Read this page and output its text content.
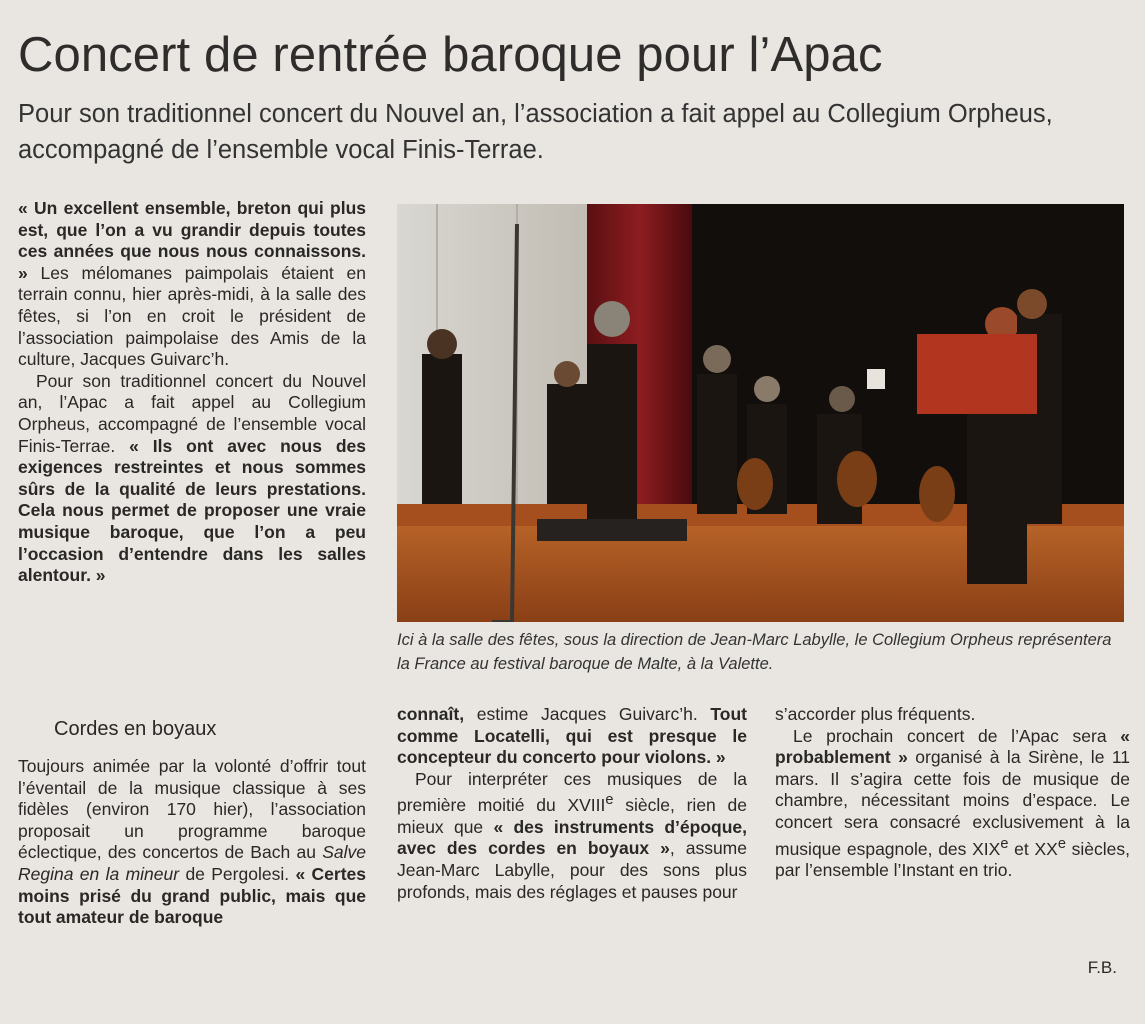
Concert de rentrée baroque pour l’Apac

Pour son traditionnel concert du Nouvel an, l’association a fait appel au Collegium Orpheus, accompagné de l’ensemble vocal Finis-Terrae.

« Un excellent ensemble, breton qui plus est, que l’on a vu grandir depuis toutes ces années que nous nous connaissons. » Les mélomanes paimpolais étaient en terrain connu, hier après-midi, à la salle des fêtes, si l’on en croit le président de l’association paimpolaise des Amis de la culture, Jacques Guivarc’h.

Pour son traditionnel concert du Nouvel an, l’Apac a fait appel au Collegium Orpheus, accompagné de l’ensemble vocal Finis-Terrae. « Ils ont avec nous des exigences restreintes et nous sommes sûrs de la qualité de leurs prestations. Cela nous permet de proposer une vraie musique baroque, que l’on a peu l’occasion d’entendre dans les salles alentour. »

Cordes en boyaux

Toujours animée par la volonté d’offrir tout l’éventail de la musique classique à ses fidèles (environ 170 hier), l’association proposait un programme baroque éclectique, des concertos de Bach au Salve Regina en la mineur de Pergolesi. « Certes moins prisé du grand public, mais que tout amateur de baroque

Ici à la salle des fêtes, sous la direction de Jean-Marc Labylle, le Collegium Orpheus représentera la France au festival baroque de Malte, à la Valette.

connaît, estime Jacques Guivarc’h. Tout comme Locatelli, qui est presque le concepteur du concerto pour violons. »

Pour interpréter ces musiques de la première moitié du XVIIIe siècle, rien de mieux que « des instruments d’époque, avec des cordes en boyaux », assume Jean-Marc Labylle, pour des sons plus profonds, mais des réglages et pauses pour

s’accorder plus fréquents.

Le prochain concert de l’Apac sera « probablement » organisé à la Sirène, le 11 mars. Il s’agira cette fois de musique de chambre, nécessitant moins d’espace. Le concert sera consacré exclusivement à la musique espagnole, des XIXe et XXe siècles, par l’ensemble l’Instant en trio.

F.B.
